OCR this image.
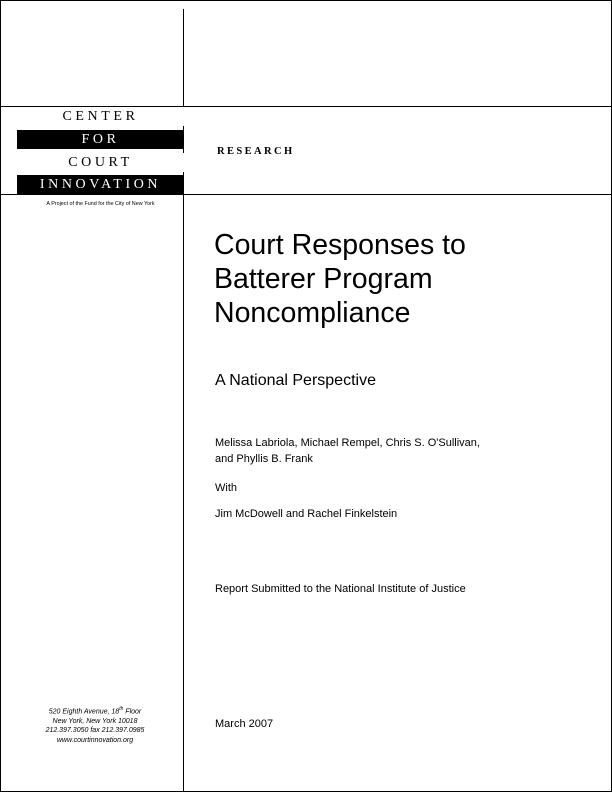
CENTER
FOR
COURT
INNOVATION
A Project of the Fund for the City of New York
RESEARCH
Court Responses to
Batterer Program
Noncompliance
A National Perspective
Melissa Labriola, Michael Rempel, Chris S. O'Sullivan,
and Phyllis B. Frank
With
Jim McDowell and Rachel Finkelstein
Report Submitted to the National Institute of Justice
March 2007
520 Eighth Avenue, 18th Floor
New York, New York 10018
212.397.3050 fax 212.397.0985
www.courtinnovation.org
